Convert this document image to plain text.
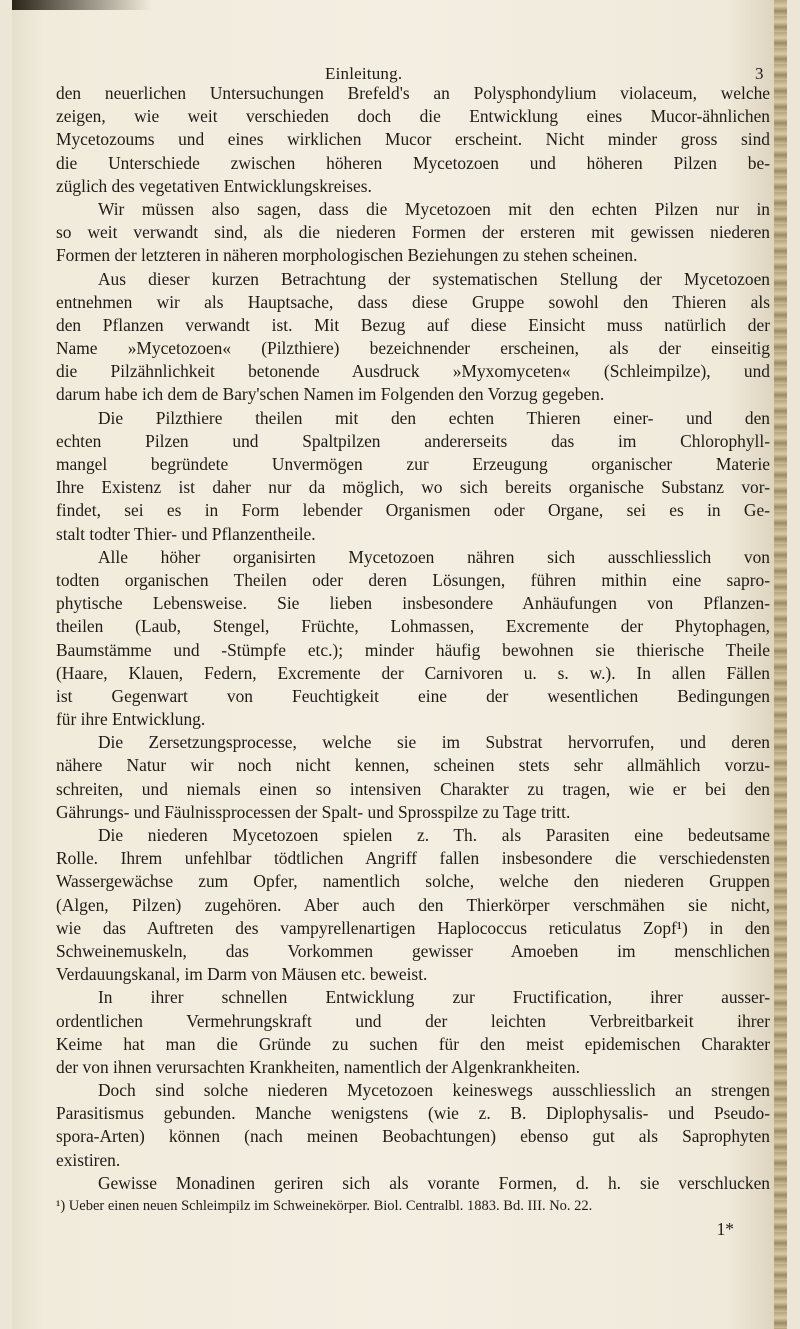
Einleitung.	3
den neuerlichen Untersuchungen Brefeld's an Polysphondylium violaceum, welche
zeigen, wie weit verschieden doch die Entwicklung eines Mucor-ähnlichen
Mycetozoums und eines wirklichen Mucor erscheint. Nicht minder gross sind
die Unterschiede zwischen höheren Mycetozoen und höheren Pilzen be-
züglich des vegetativen Entwicklungskreises.
Wir müssen also sagen, dass die Mycetozoen mit den echten Pilzen nur in
so weit verwandt sind, als die niederen Formen der ersteren mit gewissen niederen
Formen der letzteren in näheren morphologischen Beziehungen zu stehen scheinen.
Aus dieser kurzen Betrachtung der systematischen Stellung der Mycetozoen
entnehmen wir als Hauptsache, dass diese Gruppe sowohl den Thieren als
den Pflanzen verwandt ist. Mit Bezug auf diese Einsicht muss natürlich der
Name »Mycetozoen« (Pilzthiere) bezeichnender erscheinen, als der einseitig
die Pilzähnlichkeit betonende Ausdruck »Myxomyceten« (Schleimpilze), und
darum habe ich dem de Bary'schen Namen im Folgenden den Vorzug gegeben.
Die Pilzthiere theilen mit den echten Thieren einer- und den
echten Pilzen und Spaltpilzen andererseits das im Chlorophyll-
mangel begründete Unvermögen zur Erzeugung organischer Materie
Ihre Existenz ist daher nur da möglich, wo sich bereits organische Substanz vor-
findet, sei es in Form lebender Organismen oder Organe, sei es in Ge-
stalt todter Thier- und Pflanzentheile.
Alle höher organisirten Mycetozoen nähren sich ausschliesslich von
todten organischen Theilen oder deren Lösungen, führen mithin eine sapro-
phytische Lebensweise. Sie lieben insbesondere Anhäufungen von Pflanzen-
theilen (Laub, Stengel, Früchte, Lohmassen, Excremente der Phytophagen,
Baumstämme und -Stümpfe etc.); minder häufig bewohnen sie thierische Theile
(Haare, Klauen, Federn, Excremente der Carnivoren u. s. w.). In allen Fällen
ist Gegenwart von Feuchtigkeit eine der wesentlichen Bedingungen
für ihre Entwicklung.
Die Zersetzungsprocesse, welche sie im Substrat hervorrufen, und deren
nähere Natur wir noch nicht kennen, scheinen stets sehr allmählich vorzu-
schreiten, und niemals einen so intensiven Charakter zu tragen, wie er bei den
Gährungs- und Fäulnissprocessen der Spalt- und Sprosspilze zu Tage tritt.
Die niederen Mycetozoen spielen z. Th. als Parasiten eine bedeutsame
Rolle. Ihrem unfehlbar tödtlichen Angriff fallen insbesondere die verschiedensten
Wassergewächse zum Opfer, namentlich solche, welche den niederen Gruppen
(Algen, Pilzen) zugehören. Aber auch den Thierkörper verschmähen sie nicht,
wie das Auftreten des vampyrellenartigen Haplococcus reticulatus Zopf¹) in den
Schweinemuskeln, das Vorkommen gewisser Amoeben im menschlichen
Verdauungskanal, im Darm von Mäusen etc. beweist.
In ihrer schnellen Entwicklung zur Fructification, ihrer ausser-
ordentlichen Vermehrungskraft und der leichten Verbreitbarkeit ihrer
Keime hat man die Gründe zu suchen für den meist epidemischen Charakter
der von ihnen verursachten Krankheiten, namentlich der Algenkrankheiten.
Doch sind solche niederen Mycetozoen keineswegs ausschliesslich an strengen
Parasitismus gebunden. Manche wenigstens (wie z. B. Diplophysalis- und Pseudo-
spora-Arten) können (nach meinen Beobachtungen) ebenso gut als Saprophyten
existiren.
Gewisse Monadinen geriren sich als vorante Formen, d. h. sie verschlucken
¹) Ueber einen neuen Schleimpilz im Schweinekörper. Biol. Centralbl. 1883. Bd. III. No. 22.
1*
